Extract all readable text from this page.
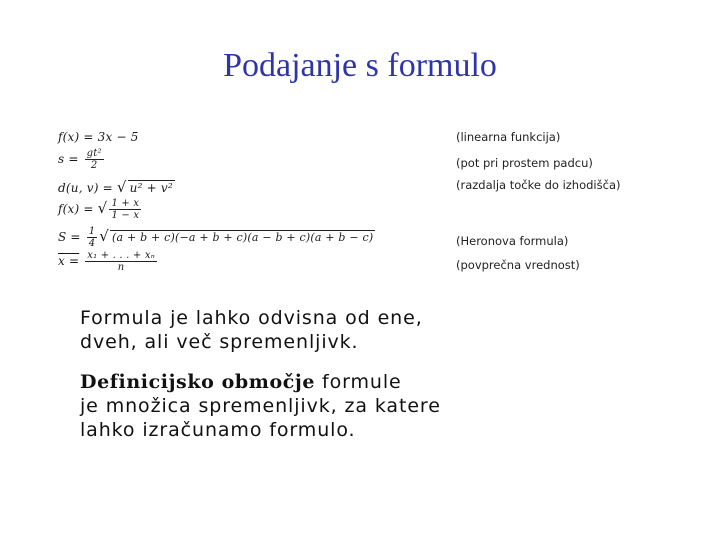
Podajanje s formulo
f(x) = 3x − 5	(linearna funkcija)
$s = \frac{\text{gt²}}{2}$	(pot pri prostem padcu)
d(u, v) = √ u² + v²	(razdalja točke do izhodišča)
f(x) = √ $\frac{1 + x}{1 - x}$
$S = \frac{1}{4}$ √ (a + b + c)(−a + b + c)(a − b + c)(a + b − c)	(Heronova formula)
$x = \frac{\text{x₁ + . . . + xₙ}}{n}$	(povprečna vrednost)
Formula je lahko odvisna od ene,
dveh, ali več spremenljivk.
Definicijsko območje formule
je množica spremenljivk, za katere
lahko izračunamo formulo.
